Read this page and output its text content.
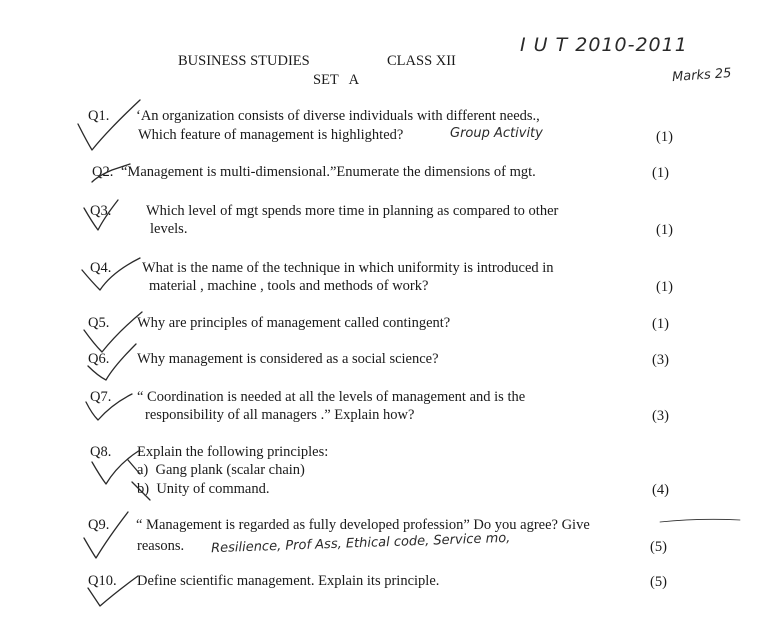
BUSINESS STUDIES	CLASS XII
SET   A
I U T 2010-2011
Marks 25
Q1. ‘An organization consists of diverse individuals with different needs.,
Which feature of management is highlighted?	Group Activity	(1)
Q2. “Management is multi-dimensional.”Enumerate the dimensions of mgt.	(1)
Q3. Which level of mgt spends more time in planning as compared to other
levels.	(1)
Q4. What is the name of the technique in which uniformity is introduced in
material , machine , tools and methods of work?	(1)
Q5. Why are principles of management called contingent?	(1)
Q6. Why management is considered as a social science?	(3)
Q7. “ Coordination is needed at all the levels of management and is the
responsibility of all managers .” Explain how?	(3)
Q8. Explain the following principles:
a)  Gang plank (scalar chain)
b)  Unity of command.	(4)
Q9. “ Management is regarded as fully developed profession” Do you agree? Give
reasons. Resilience, Prof Ass, Ethical code, Service mo,	(5)
Q10. Define scientific management. Explain its principle.	(5)
